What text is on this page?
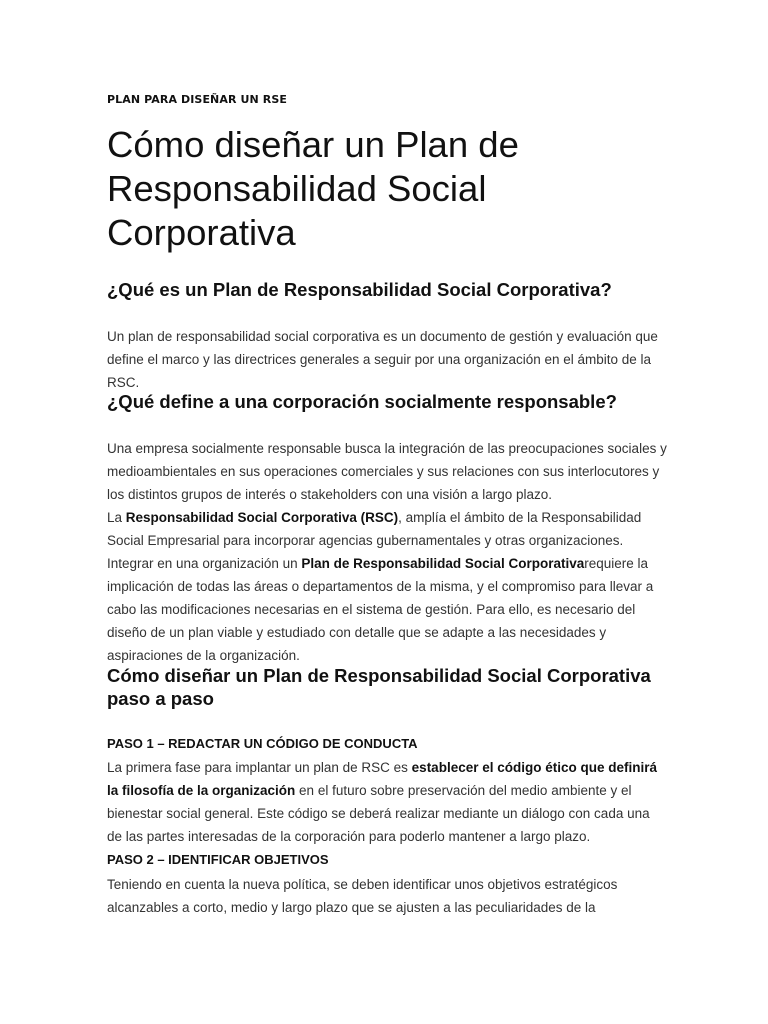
PLAN PARA DISEÑAR UN RSE
Cómo diseñar un Plan de Responsabilidad Social Corporativa
¿Qué es un Plan de Responsabilidad Social Corporativa?

Un plan de responsabilidad social corporativa es un documento de gestión y evaluación que define el marco y las directrices generales a seguir por una organización en el ámbito de la RSC.

¿Qué define a una corporación socialmente responsable?

Una empresa socialmente responsable busca la integración de las preocupaciones sociales y medioambientales en sus operaciones comerciales y sus relaciones con sus interlocutores y los distintos grupos de interés o stakeholders con una visión a largo plazo.

La Responsabilidad Social Corporativa (RSC), amplía el ámbito de la Responsabilidad Social Empresarial para incorporar agencias gubernamentales y otras organizaciones.

Integrar en una organización un Plan de Responsabilidad Social Corporativarequiere la implicación de todas las áreas o departamentos de la misma, y el compromiso para llevar a cabo las modificaciones necesarias en el sistema de gestión. Para ello, es necesario del diseño de un plan viable y estudiado con detalle que se adapte a las necesidades y aspiraciones de la organización.

Cómo diseñar un Plan de Responsabilidad Social Corporativa paso a paso
PASO 1 – REDACTAR UN CÓDIGO DE CONDUCTA

La primera fase para implantar un plan de RSC es establecer el código ético que definirá la filosofía de la organización en el futuro sobre preservación del medio ambiente y el bienestar social general. Este código se deberá realizar mediante un diálogo con cada una de las partes interesadas de la corporación para poderlo mantener a largo plazo.

PASO 2 – IDENTIFICAR OBJETIVOS

Teniendo en cuenta la nueva política, se deben identificar unos objetivos estratégicos alcanzables a corto, medio y largo plazo que se ajusten a las peculiaridades de la
